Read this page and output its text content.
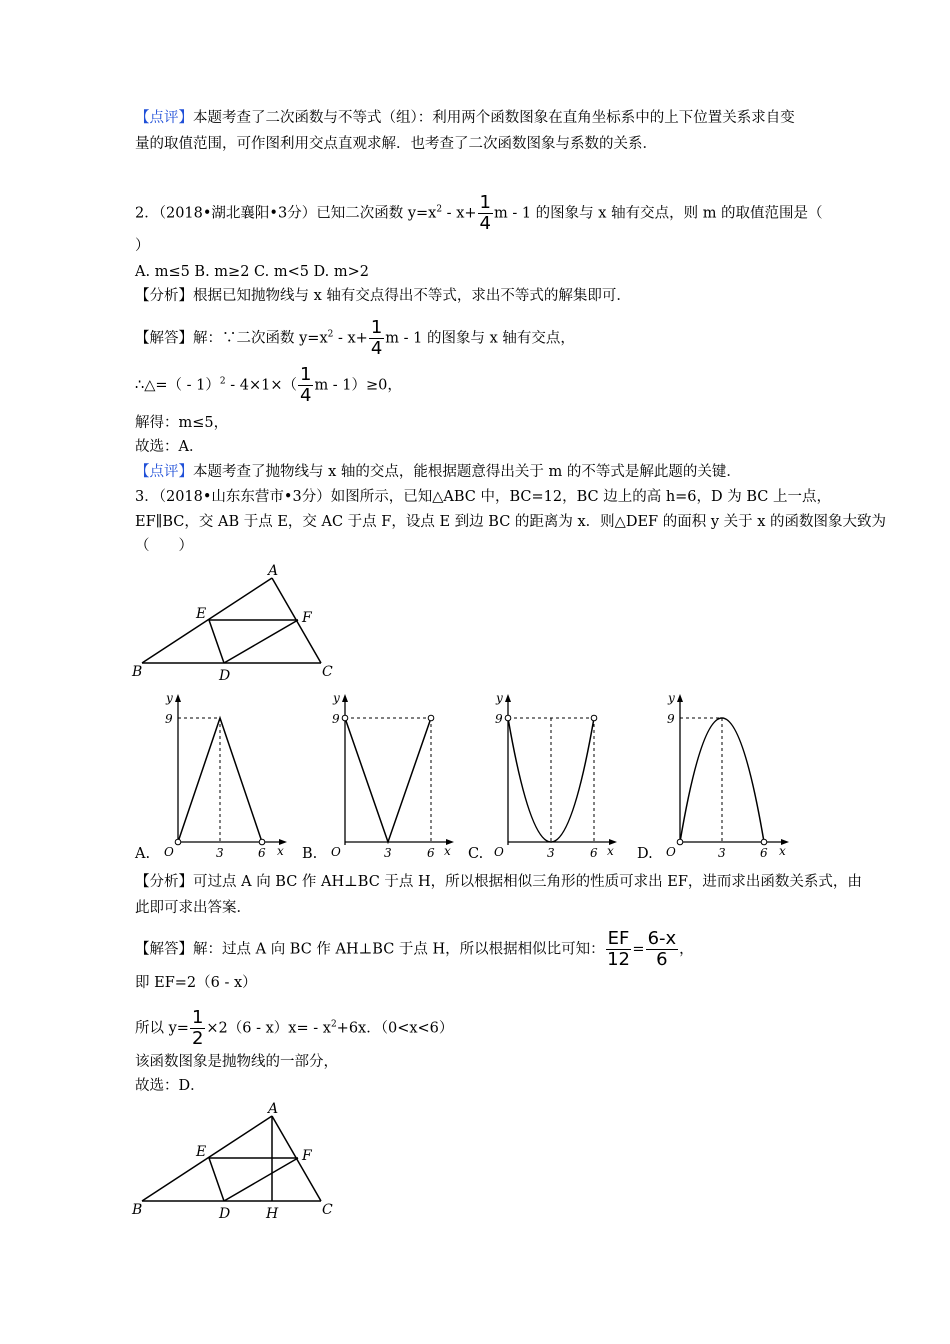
【点评】本题考查了二次函数与不等式（组）：利用两个函数图象在直角坐标系中的上下位置关系求自变
量的取值范围，可作图利用交点直观求解．也考查了二次函数图象与系数的关系．
2．（2018•湖北襄阳•3分）已知二次函数 $y=x^2 - x+ \frac{1}{4}$ m - 1 的图象与 x 轴有交点，则 m 的取值范围是（
）
A. m≤5 B. m≥2 C. m<5 D. m>2
【分析】根据已知抛物线与 x 轴有交点得出不等式，求出不等式的解集即可．
【解答】解：∵二次函数 $y=x^2 - x+ \frac{1}{4}$ m - 1 的图象与 x 轴有交点，
∴△=（ - $1)^2 - 4\times 1\times( \frac{1}{4}$ m - 1）≥0，
解得：m≤5，
故选：A．
【点评】本题考查了抛物线与 x 轴的交点，能根据题意得出关于 m 的不等式是解此题的关键．
3．（2018•山东东营市•3分）如图所示，已知△ABC 中，BC=12，BC 边上的高 h=6，D 为 BC 上一点，
EF∥BC，交 AB 于点 E，交 AC 于点 F，设点 E 到边 BC 的距离为 x．则△DEF 的面积 y 关于 x 的函数图象大致为
（　　）
A
B	C
D
E	F
y
9
O	3	6 x
y
9
O	3	6 x
y
9
O	3	6 x
y
9
O	3	6 x
A.	B.	C.	D.
【分析】可过点 A 向 BC 作 AH⊥BC 于点 H，所以根据相似三角形的性质可求出 EF，进而求出函数关系式，由
此即可求出答案．
【解答】解：过点 A 向 BC 作 AH⊥BC 于点 H，所以根据相似比可知： $\frac{EF}{12} = \frac{6-x}{6}$ ，
即 EF=2（6 - x）
所以 $y= \frac{1}{2} \times 2(6 - x)x= - x^2+6x$．（0<x<6）
该函数图象是抛物线的一部分，
故选：D．
A
B	C
D
E	F
H
